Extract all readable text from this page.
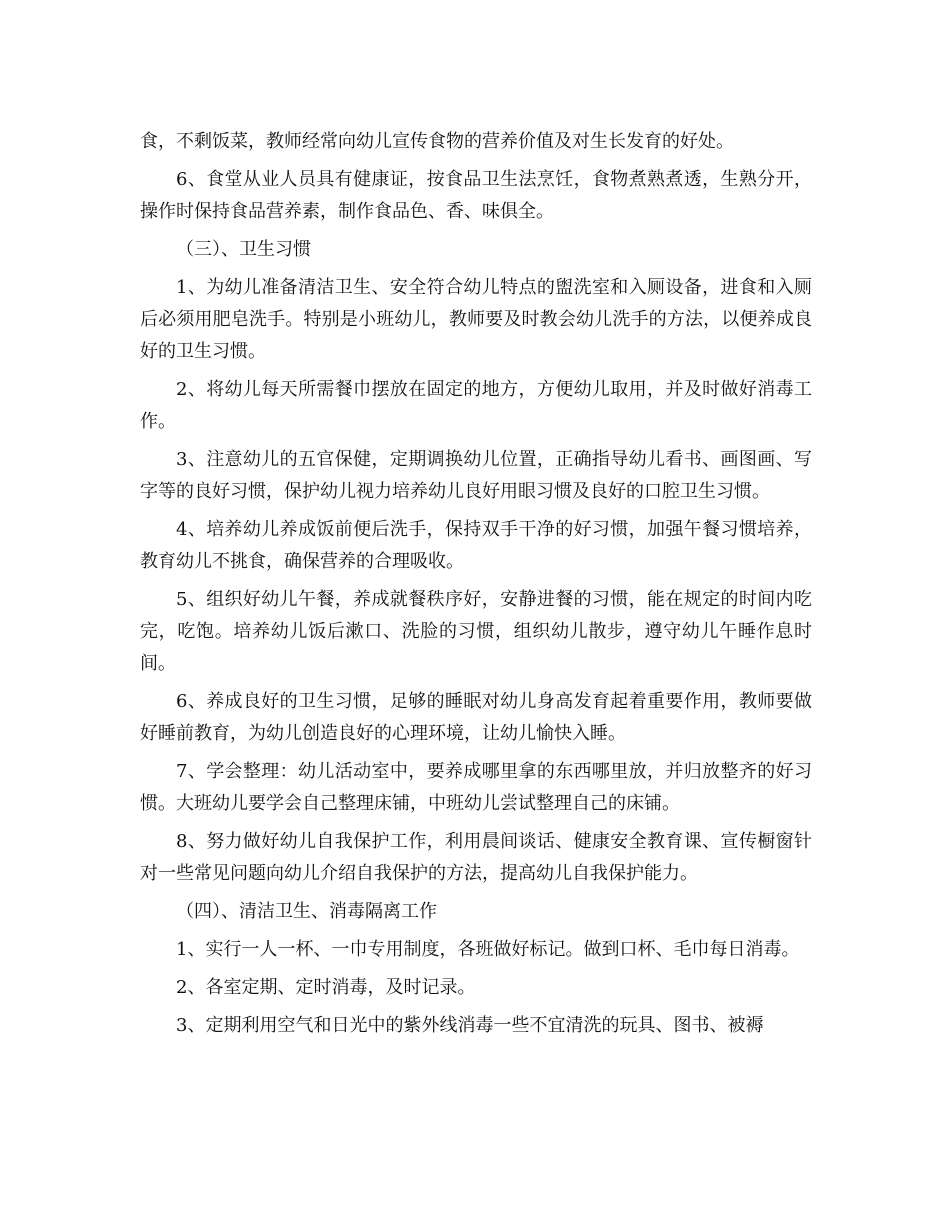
食，不剩饭菜，教师经常向幼儿宣传食物的营养价值及对生长发育的好处。

6、食堂从业人员具有健康证，按食品卫生法烹饪，食物煮熟煮透，生熟分开，操作时保持食品营养素，制作食品色、香、味俱全。

（三）、卫生习惯

1、为幼儿准备清洁卫生、安全符合幼儿特点的盥洗室和入厕设备，进食和入厕后必须用肥皂洗手。特别是小班幼儿，教师要及时教会幼儿洗手的方法，以便养成良好的卫生习惯。

2、将幼儿每天所需餐巾摆放在固定的地方，方便幼儿取用，并及时做好消毒工作。

3、注意幼儿的五官保健，定期调换幼儿位置，正确指导幼儿看书、画图画、写字等的良好习惯，保护幼儿视力培养幼儿良好用眼习惯及良好的口腔卫生习惯。

4、培养幼儿养成饭前便后洗手，保持双手干净的好习惯，加强午餐习惯培养，教育幼儿不挑食，确保营养的合理吸收。

5、组织好幼儿午餐，养成就餐秩序好，安静进餐的习惯，能在规定的时间内吃完，吃饱。培养幼儿饭后漱口、洗脸的习惯，组织幼儿散步，遵守幼儿午睡作息时间。

6、养成良好的卫生习惯，足够的睡眠对幼儿身高发育起着重要作用，教师要做好睡前教育，为幼儿创造良好的心理环境，让幼儿愉快入睡。

7、学会整理：幼儿活动室中，要养成哪里拿的东西哪里放，并归放整齐的好习惯。大班幼儿要学会自己整理床铺，中班幼儿尝试整理自己的床铺。

8、努力做好幼儿自我保护工作，利用晨间谈话、健康安全教育课、宣传橱窗针对一些常见问题向幼儿介绍自我保护的方法，提高幼儿自我保护能力。

（四）、清洁卫生、消毒隔离工作

1、实行一人一杯、一巾专用制度，各班做好标记。做到口杯、毛巾每日消毒。

2、各室定期、定时消毒，及时记录。

3、定期利用空气和日光中的紫外线消毒一些不宜清洗的玩具、图书、被褥
